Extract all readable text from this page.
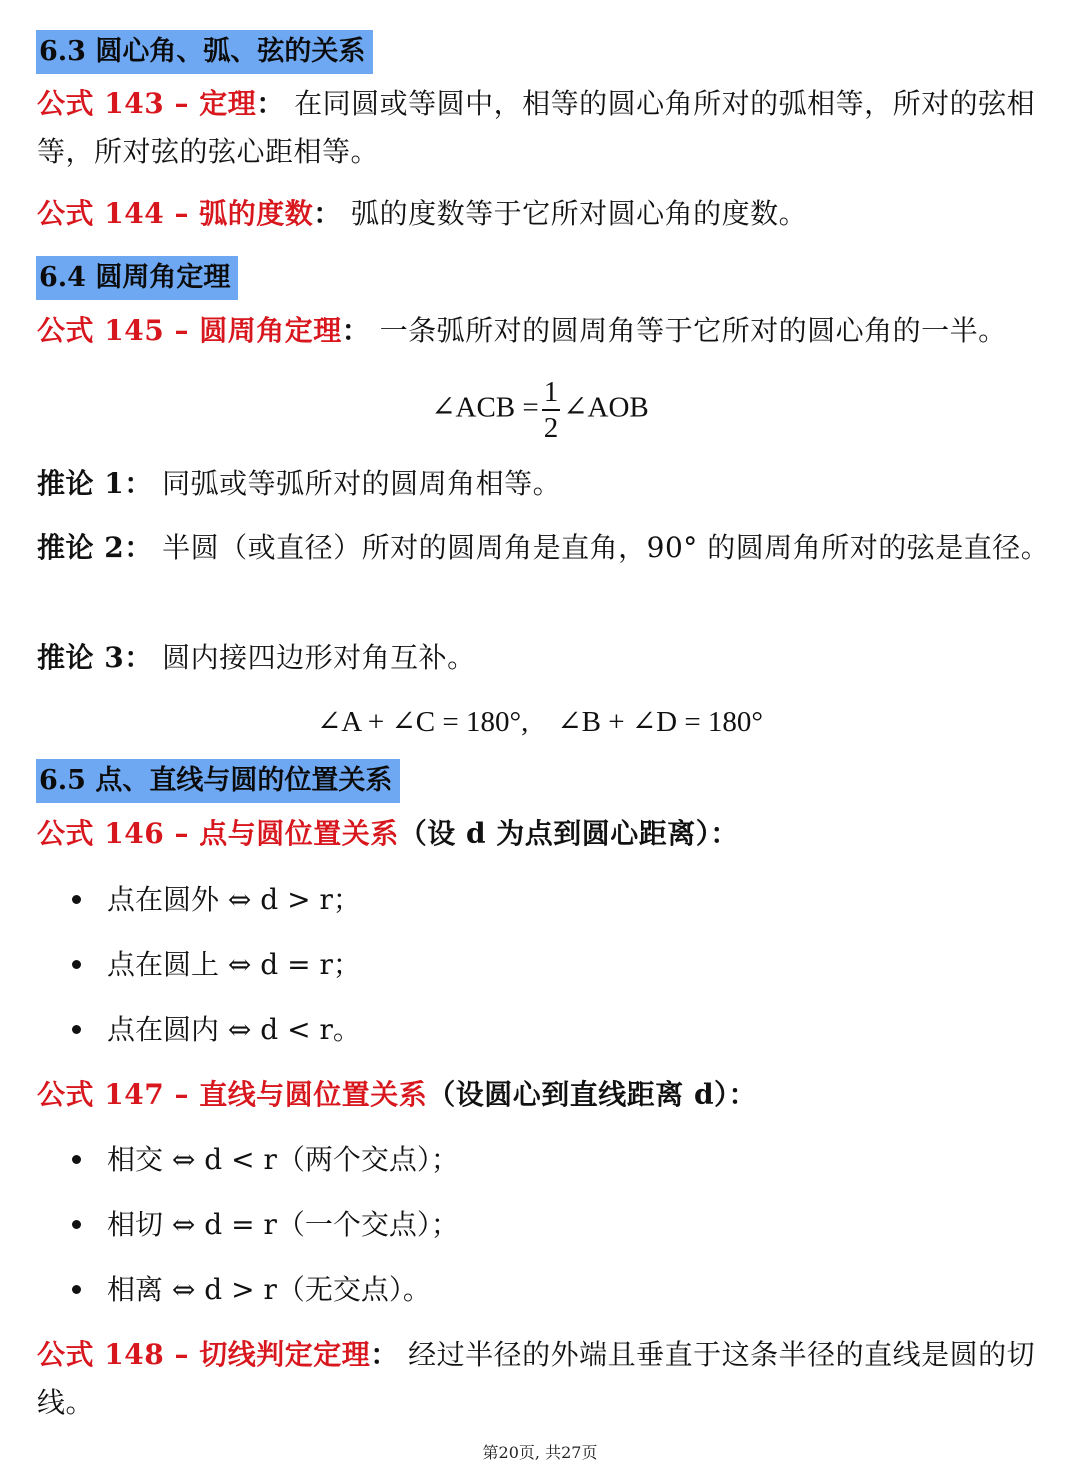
6.3 圆心角、弧、弦的关系
公式 143 – 定理： 在同圆或等圆中，相等的圆心角所对的弧相等，所对的弦相等，所对弦的弦心距相等。
公式 144 – 弧的度数： 弧的度数等于它所对圆心角的度数。
6.4 圆周角定理
公式 145 – 圆周角定理： 一条弧所对的圆周角等于它所对的圆心角的一半。
∠ACB = $\frac{1}{2}$ ∠AOB
推论 1： 同弧或等弧所对的圆周角相等。
推论 2： 半圆（或直径）所对的圆周角是直角，90° 的圆周角所对的弦是直径。
推论 3： 圆内接四边形对角互补。
∠A + ∠C = 180°,    ∠B + ∠D = 180°
6.5 点、直线与圆的位置关系
公式 146 – 点与圆位置关系（设 d 为点到圆心距离）：
点在圆外 ⇔ d > r；
点在圆上 ⇔ d = r；
点在圆内 ⇔ d < r。
公式 147 – 直线与圆位置关系（设圆心到直线距离 d）：
相交 ⇔ d < r（两个交点）；
相切 ⇔ d = r（一个交点）；
相离 ⇔ d > r（无交点）。
公式 148 – 切线判定定理： 经过半径的外端且垂直于这条半径的直线是圆的切线。
第20页, 共27页
